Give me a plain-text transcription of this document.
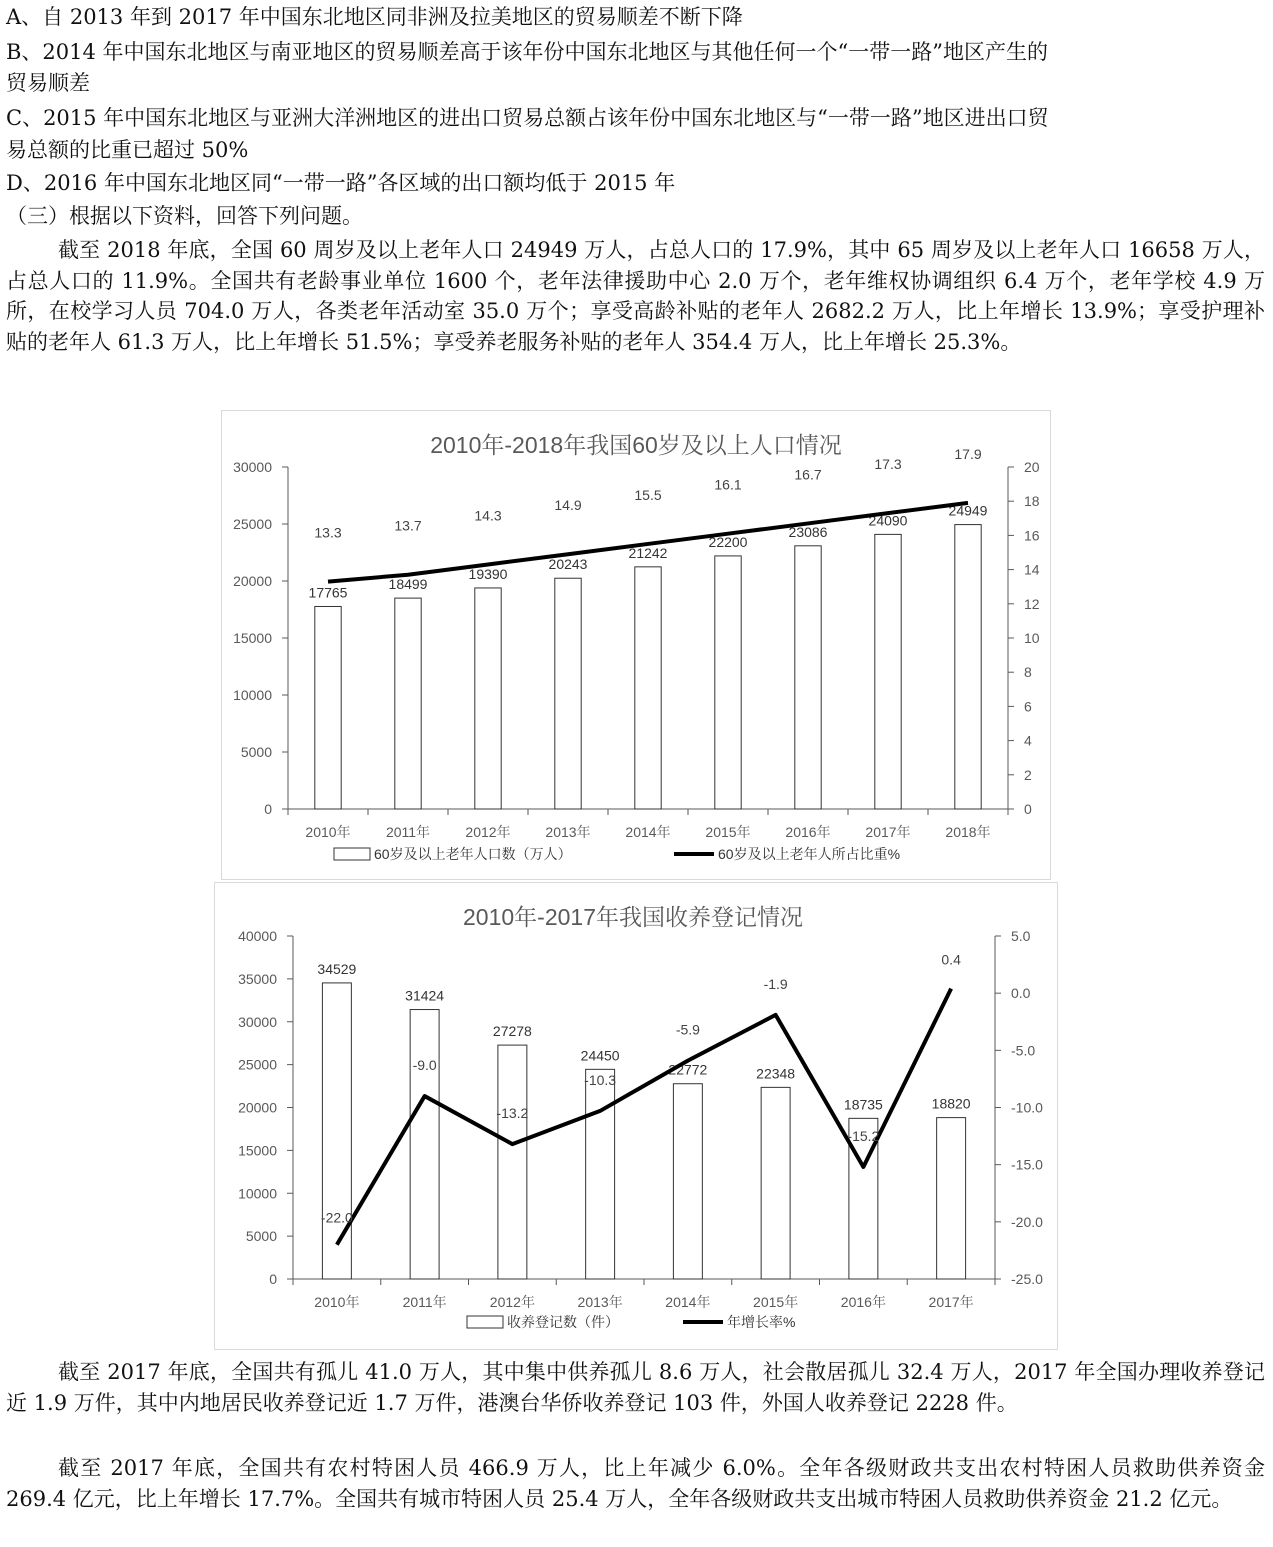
A、自 2013 年到 2017 年中国东北地区同非洲及拉美地区的贸易顺差不断下降
B、2014 年中国东北地区与南亚地区的贸易顺差高于该年份中国东北地区与其他任何一个“一带一路”地区产生的
贸易顺差
C、2015 年中国东北地区与亚洲大洋洲地区的进出口贸易总额占该年份中国东北地区与“一带一路”地区进出口贸
易总额的比重已超过 50%
D、2016 年中国东北地区同“一带一路”各区域的出口额均低于 2015 年
（三）根据以下资料，回答下列问题。
截至 2018 年底，全国 60 周岁及以上老年人口 24949 万人，占总人口的 17.9%，其中 65 周岁及以上老年人口 16658 万人，占总人口的 11.9%。全国共有老龄事业单位 1600 个，老年法律援助中心 2.0 万个，老年维权协调组织 6.4 万个，老年学校 4.9 万所，在校学习人员 704.0 万人，各类老年活动室 35.0 万个；享受高龄补贴的老年人 2682.2 万人，比上年增长 13.9%；享受护理补贴的老年人 61.3 万人，比上年增长 51.5%；享受养老服务补贴的老年人 354.4 万人，比上年增长 25.3%。
2010年-2018年我国60岁及以上人口情况
0
5000
10000
15000
20000
25000
30000
0
2
4
6
8
10
12
14
16
18
20
17765
18499
19390
20243
21242
22200
23086
24090
24949
13.3	13.7
14.3
14.9
15.5
16.1
16.7
17.3
17.9
2010年	2011年	2012年 2013年 2014年 2015年 2016年 2017年 2018年
60岁及以上老年人口数（万人）	60岁及以上老年人所占比重%
2010年-2017年我国收养登记情况
0
5000
10000
15000
20000
25000
30000
35000
40000	5.0
0.0
-5.0
-10.0
-15.0
-20.0
-25.0
34529
31424
27278
24450
22772	22348
18735	18820
-22.0
-9.0
-13.2
-10.3
-5.9
-1.9
-15.2
0.4
2010年	2011年	2012年	2013年	2014年	2015年	2016年	2017年
收养登记数（件）	年增长率%
截至 2017 年底，全国共有孤儿 41.0 万人，其中集中供养孤儿 8.6 万人，社会散居孤儿 32.4 万人，2017 年全国办理收养登记近 1.9 万件，其中内地居民收养登记近 1.7 万件，港澳台华侨收养登记 103 件，外国人收养登记 2228 件。
截至 2017 年底，全国共有农村特困人员 466.9 万人，比上年减少 6.0%。全年各级财政共支出农村特困人员救助供养资金 269.4 亿元，比上年增长 17.7%。全国共有城市特困人员 25.4 万人，全年各级财政共支出城市特困人员救助供养资金 21.2 亿元。
